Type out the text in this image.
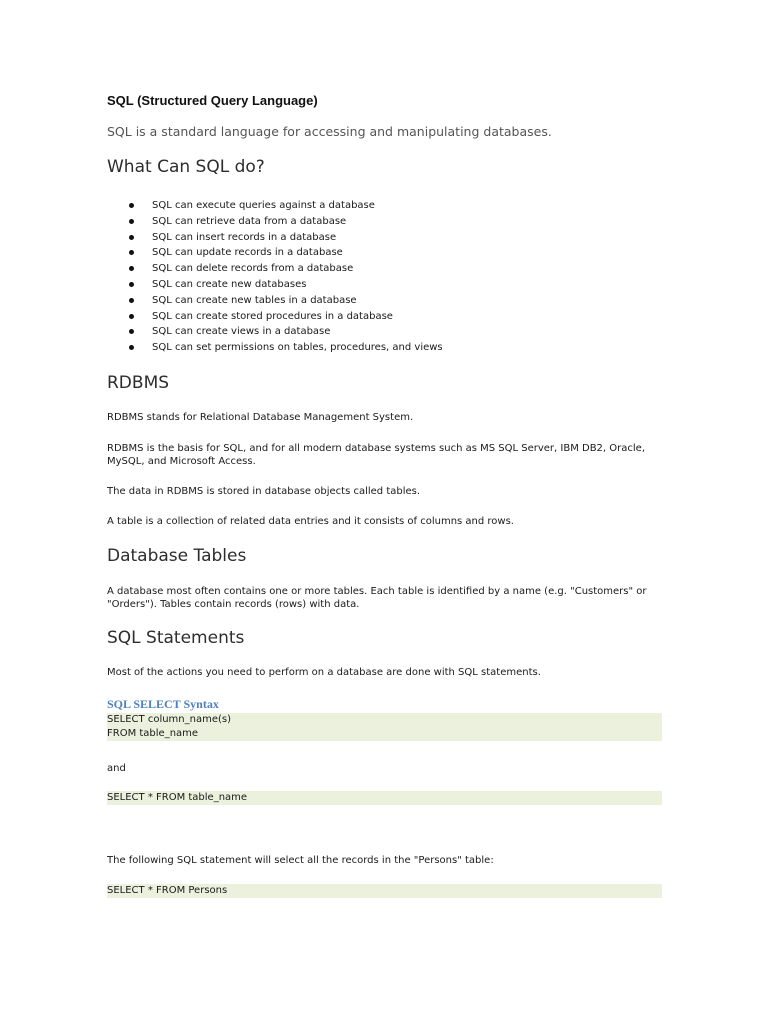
SQL (Structured Query Language)
SQL is a standard language for accessing and manipulating databases.
What Can SQL do?
SQL can execute queries against a database
SQL can retrieve data from a database
SQL can insert records in a database
SQL can update records in a database
SQL can delete records from a database
SQL can create new databases
SQL can create new tables in a database
SQL can create stored procedures in a database
SQL can create views in a database
SQL can set permissions on tables, procedures, and views
RDBMS
RDBMS stands for Relational Database Management System.
RDBMS is the basis for SQL, and for all modern database systems such as MS SQL Server, IBM DB2, Oracle, MySQL, and Microsoft Access.
The data in RDBMS is stored in database objects called tables.
A table is a collection of related data entries and it consists of columns and rows.
Database Tables
A database most often contains one or more tables. Each table is identified by a name (e.g. "Customers" or "Orders"). Tables contain records (rows) with data.
SQL Statements
Most of the actions you need to perform on a database are done with SQL statements.
SQL SELECT Syntax
SELECT column_name(s)
FROM table_name
and
SELECT * FROM table_name
The following SQL statement will select all the records in the "Persons" table:
SELECT * FROM Persons
